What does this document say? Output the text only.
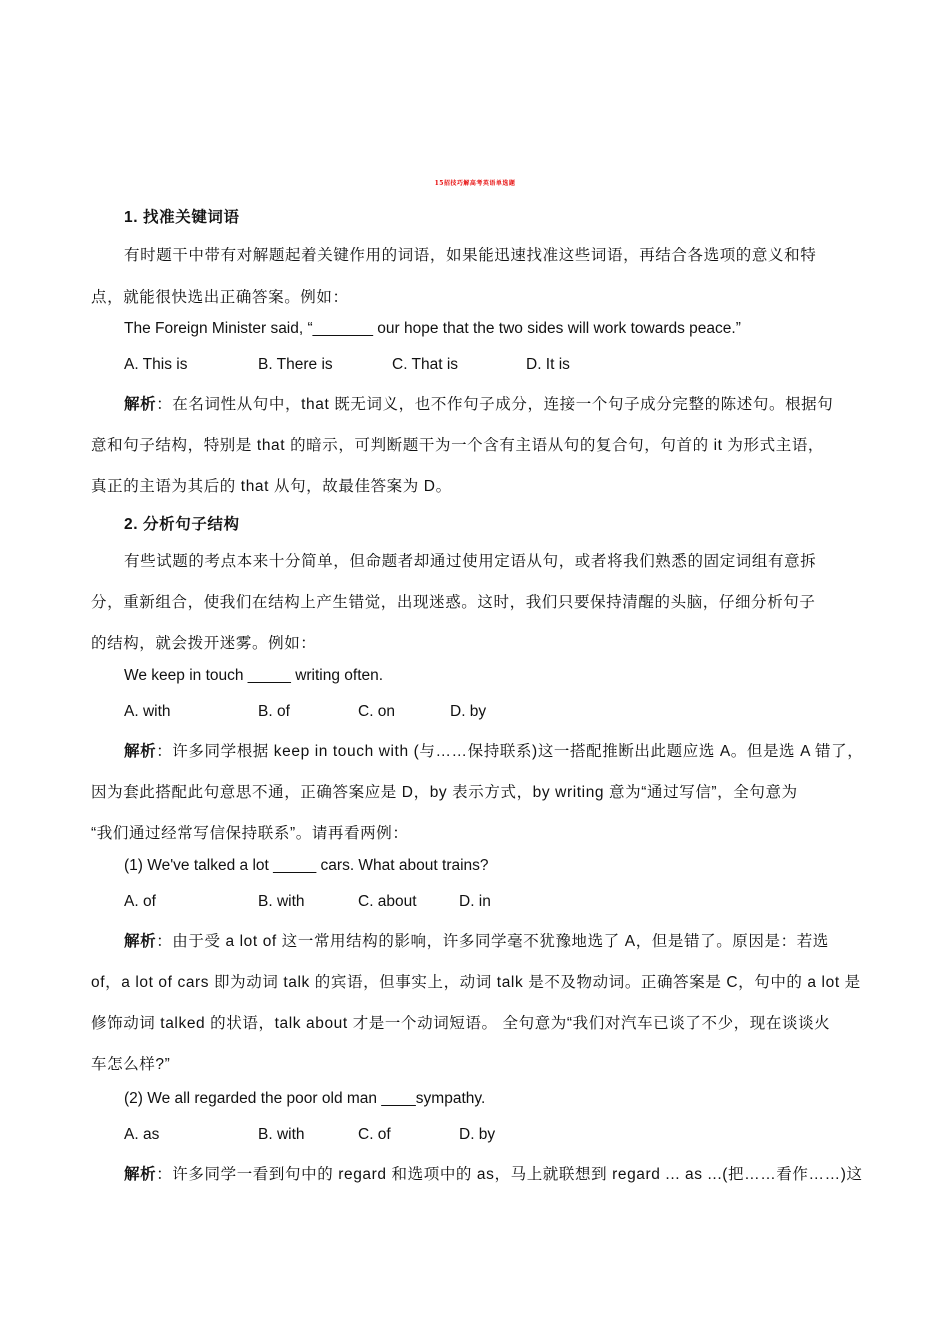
15招技巧解高考英语单选题
1. 找准关键词语
有时题干中带有对解题起着关键作用的词语，如果能迅速找准这些词语，再结合各选项的意义和特
点，就能很快选出正确答案。例如：
The Foreign Minister said, “_______ our hope that the two sides will work towards peace.”
A. This is	B. There is	C. That is	D. It is
解析：在名词性从句中，that 既无词义，也不作句子成分，连接一个句子成分完整的陈述句。根据句
意和句子结构，特别是 that 的暗示，可判断题干为一个含有主语从句的复合句，句首的 it 为形式主语，
真正的主语为其后的 that 从句，故最佳答案为 D。
2. 分析句子结构
有些试题的考点本来十分简单，但命题者却通过使用定语从句，或者将我们熟悉的固定词组有意拆
分，重新组合，使我们在结构上产生错觉，出现迷惑。这时，我们只要保持清醒的头脑，仔细分析句子
的结构，就会拨开迷雾。例如：
We keep in touch _____ writing often.
A. with	B. of	C. on	D. by
解析：许多同学根据 keep in touch with (与……保持联系)这一搭配推断出此题应选 A。但是选 A 错了，
因为套此搭配此句意思不通，正确答案应是 D，by 表示方式，by writing 意为“通过写信”，全句意为
“我们通过经常写信保持联系”。请再看两例：
(1) We've talked a lot _____ cars. What about trains?
A. of	B. with	C. about	D. in
解析：由于受 a lot of 这一常用结构的影响，许多同学毫不犹豫地选了 A，但是错了。原因是：若选
of，a lot of cars 即为动词 talk 的宾语，但事实上，动词 talk 是不及物动词。正确答案是 C，句中的 a lot 是
修饰动词 talked 的状语，talk about 才是一个动词短语。 全句意为“我们对汽车已谈了不少，现在谈谈火
车怎么样?”
(2) We all regarded the poor old man ____sympathy.
A. as	B. with	C. of	D. by
解析：许多同学一看到句中的 regard 和选项中的 as，马上就联想到 regard ... as ...(把……看作……)这
